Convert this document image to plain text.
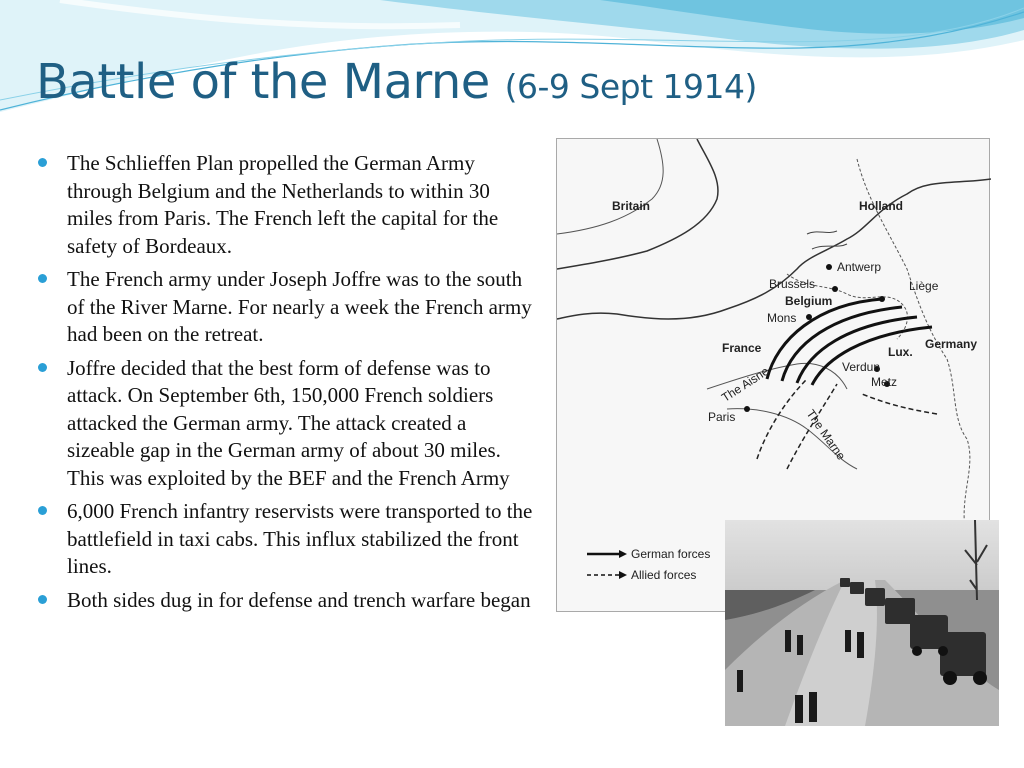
Battle of the Marne (6-9 Sept 1914)
The Schlieffen Plan propelled the German Army through Belgium and the Netherlands to within 30 miles from Paris. The French left the capital for the safety of Bordeaux.
The French army under Joseph Joffre was to the south of the River Marne. For nearly a week the French army had been on the retreat.
Joffre decided that the best form of defense was to attack. On September 6th, 150,000 French soldiers attacked the German army. The attack created a sizeable gap in the German army of about 30 miles. This was exploited by the BEF and the French Army
6,000 French infantry reservists were transported to the battlefield in taxi cabs. This influx stabilized the front lines.
Both sides dug in for defense and trench warfare began
Britain	Holland
Antwerp
Brussels	Liège
Belgium
Mons
France	Lux.
Germany
Verdun
Metz
The Aisne
Paris	The Marne
German forces
Allied forces
